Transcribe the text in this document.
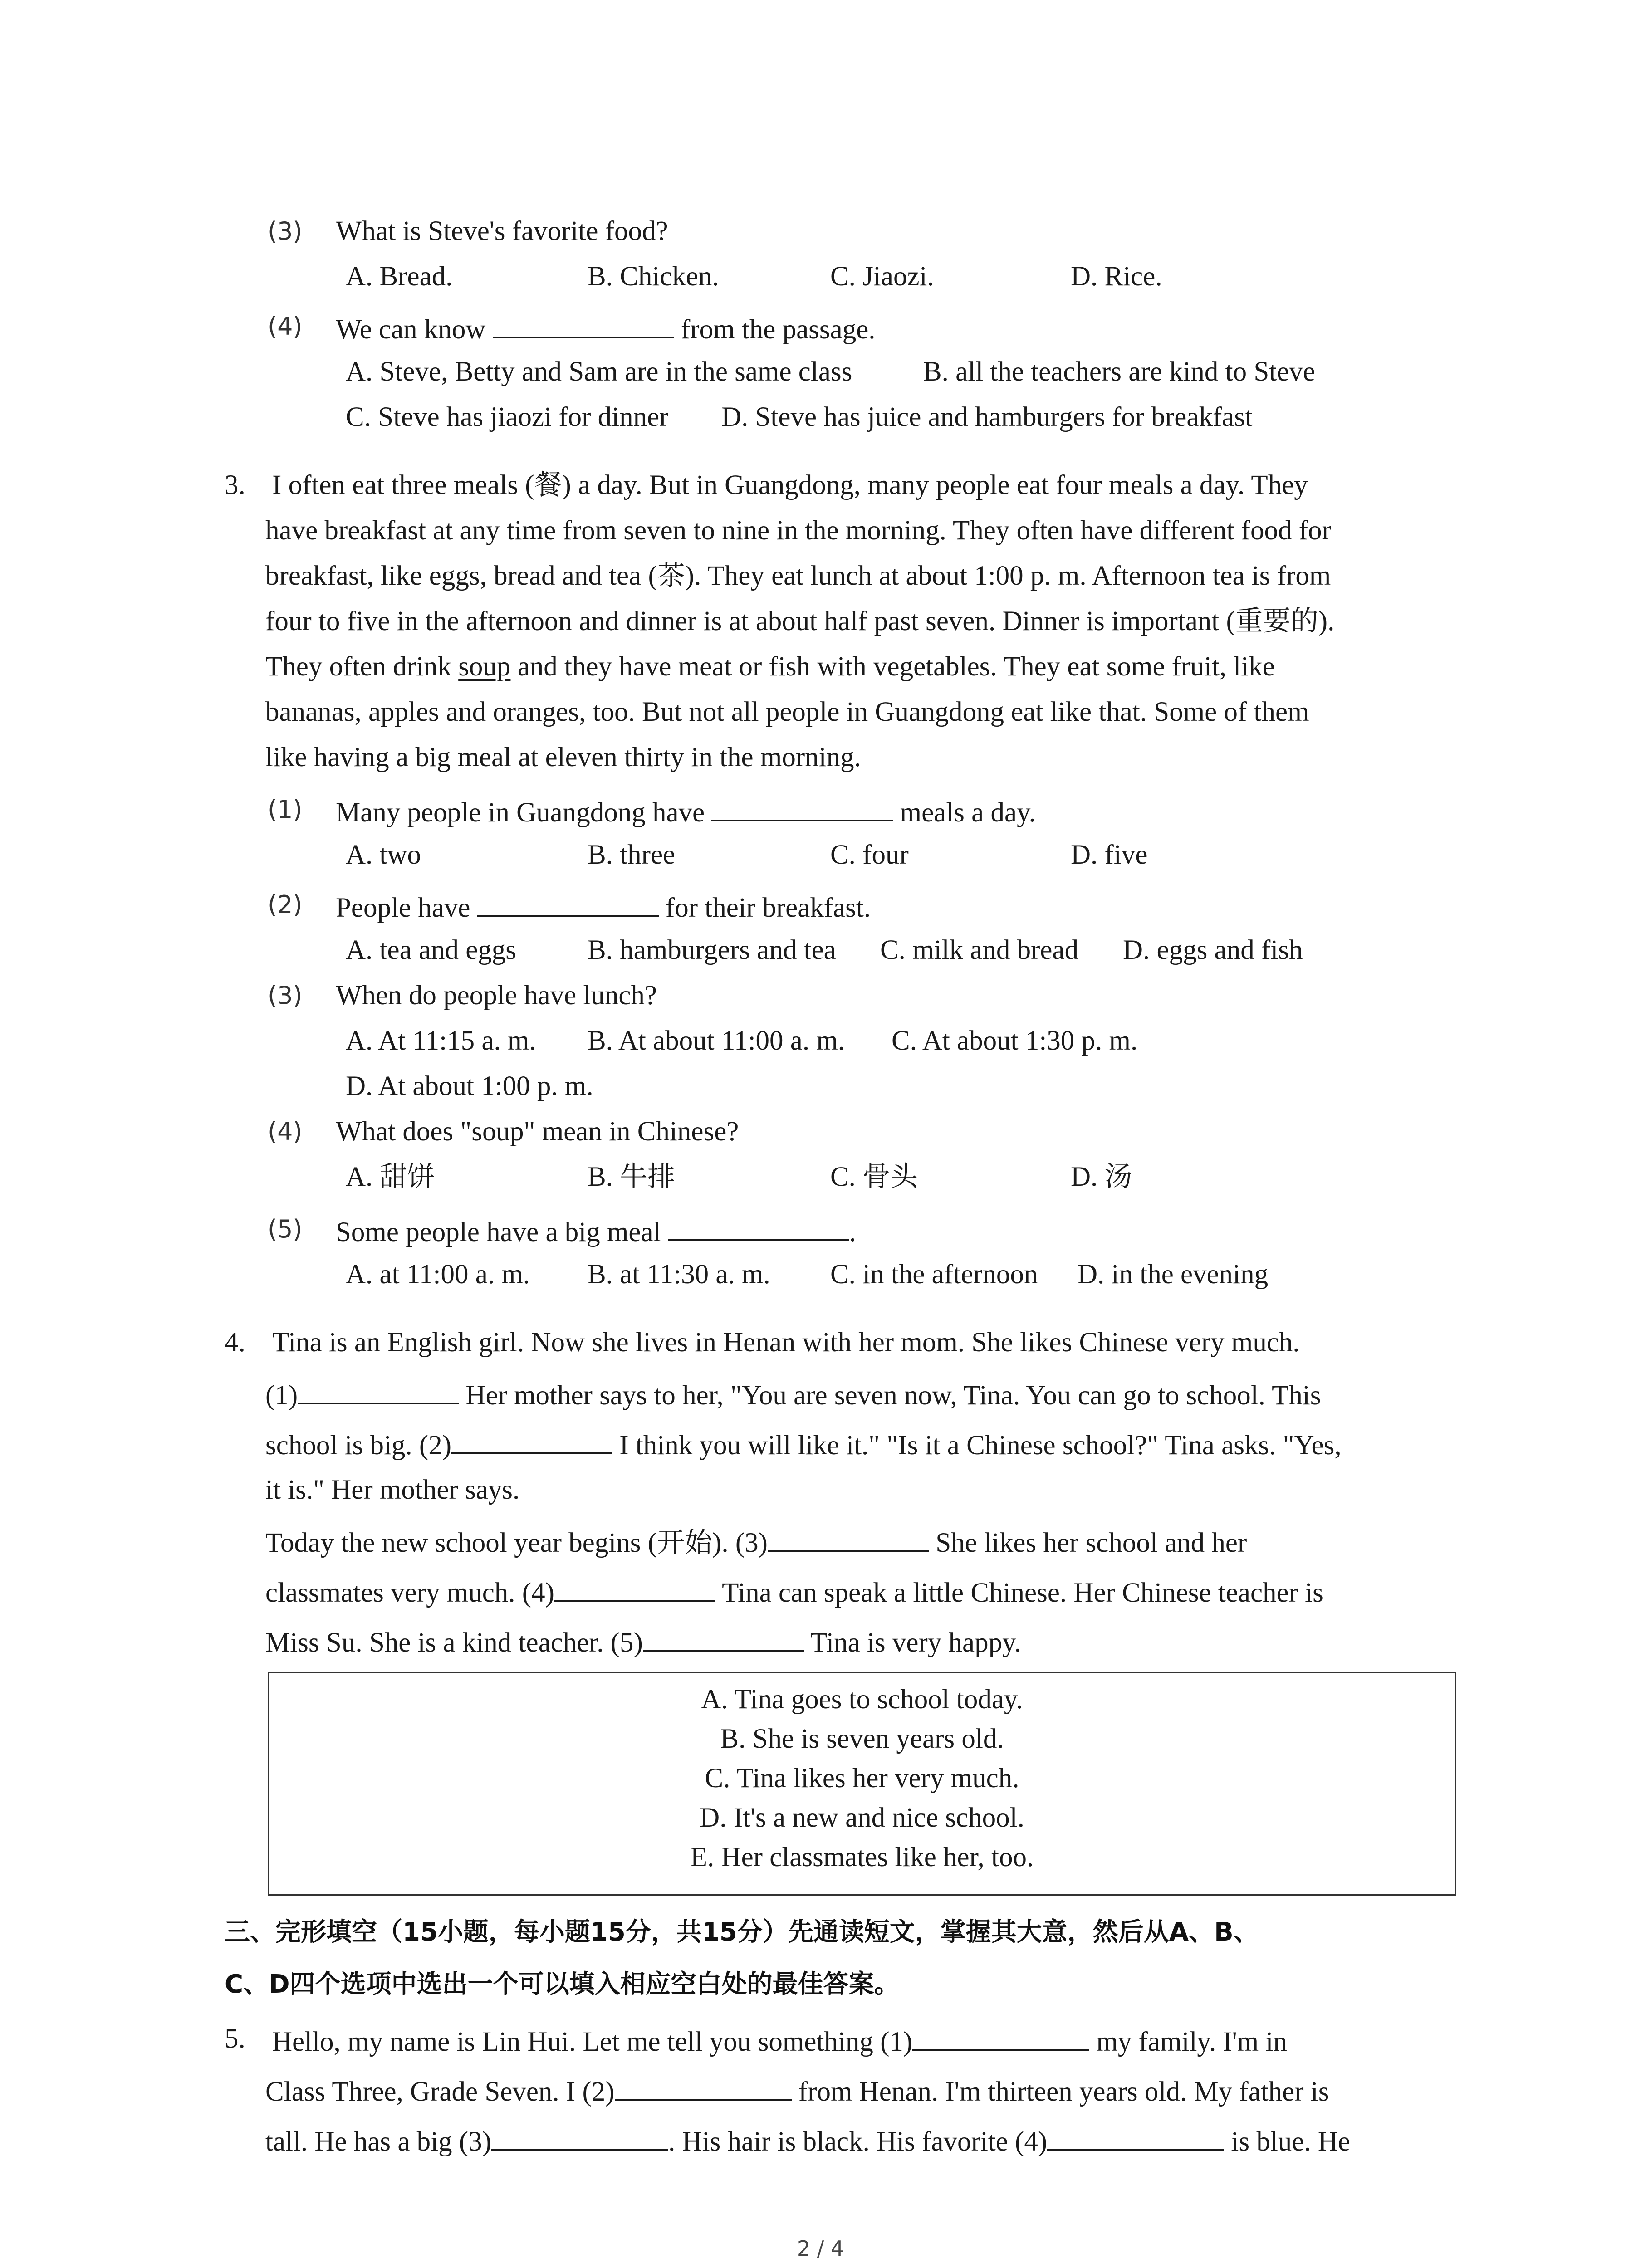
(3) What is Steve's favorite food?
A. Bread.	B. Chicken.	C. Jiaozi.	D. Rice.
(4) We can know	from the passage.
A. Steve, Betty and Sam are in the same class	B. all the teachers are kind to Steve
C. Steve has jiaozi for dinner D. Steve has juice and hamburgers for breakfast
3. I often eat three meals (餐) a day. But in Guangdong, many people eat four meals a day. They
have breakfast at any time from seven to nine in the morning. They often have different food for
breakfast, like eggs, bread and tea (茶). They eat lunch at about 1:00 p. m. Afternoon tea is from
four to five in the afternoon and dinner is at about half past seven. Dinner is important (重要的).
They often drink soup and they have meat or fish with vegetables. They eat some fruit, like
bananas, apples and oranges, too. But not all people in Guangdong eat like that. Some of them
like having a big meal at eleven thirty in the morning.
(1) Many people in Guangdong have	meals a day.
A. two	B. three	C. four	D. five
(2) People have	for their breakfast.
A. tea and eggs	B. hamburgers and tea C. milk and bread D. eggs and fish
(3) When do people have lunch?
A. At 11:15 a. m. B. At about 11:00 a. m. C. At about 1:30 p. m.
D. At about 1:00 p. m.
(4) What does "soup" mean in Chinese?
A. 甜饼	B. 牛排	C. 骨头	D. 汤
(5) Some people have a big meal	.
A. at 11:00 a. m. B. at 11:30 a. m. C. in the afternoon D. in the evening
4. Tina is an English girl. Now she lives in Henan with her mom. She likes Chinese very much.
(1)	Her mother says to her, "You are seven now, Tina. You can go to school. This
school is big. (2)	I think you will like it." "Is it a Chinese school?" Tina asks. "Yes,
it is." Her mother says.
Today the new school year begins (开始). (3)	She likes her school and her
classmates very much. (4)	Tina can speak a little Chinese. Her Chinese teacher is
Miss Su. She is a kind teacher. (5)	Tina is very happy.
A. Tina goes to school today.
B. She is seven years old.
C. Tina likes her very much.
D. It's a new and nice school.
E. Her classmates like her, too.
三、完形填空（15小题，每小题15分，共15分）先通读短文，掌握其大意，然后从A、B、
C、D四个选项中选出一个可以填入相应空白处的最佳答案。
5. Hello, my name is Lin Hui. Let me tell you something (1)	my family. I'm in
Class Three, Grade Seven. I (2)	from Henan. I'm thirteen years old. My father is
tall. He has a big (3)	. His hair is black. His favorite (4)	is blue. He
2 / 4
